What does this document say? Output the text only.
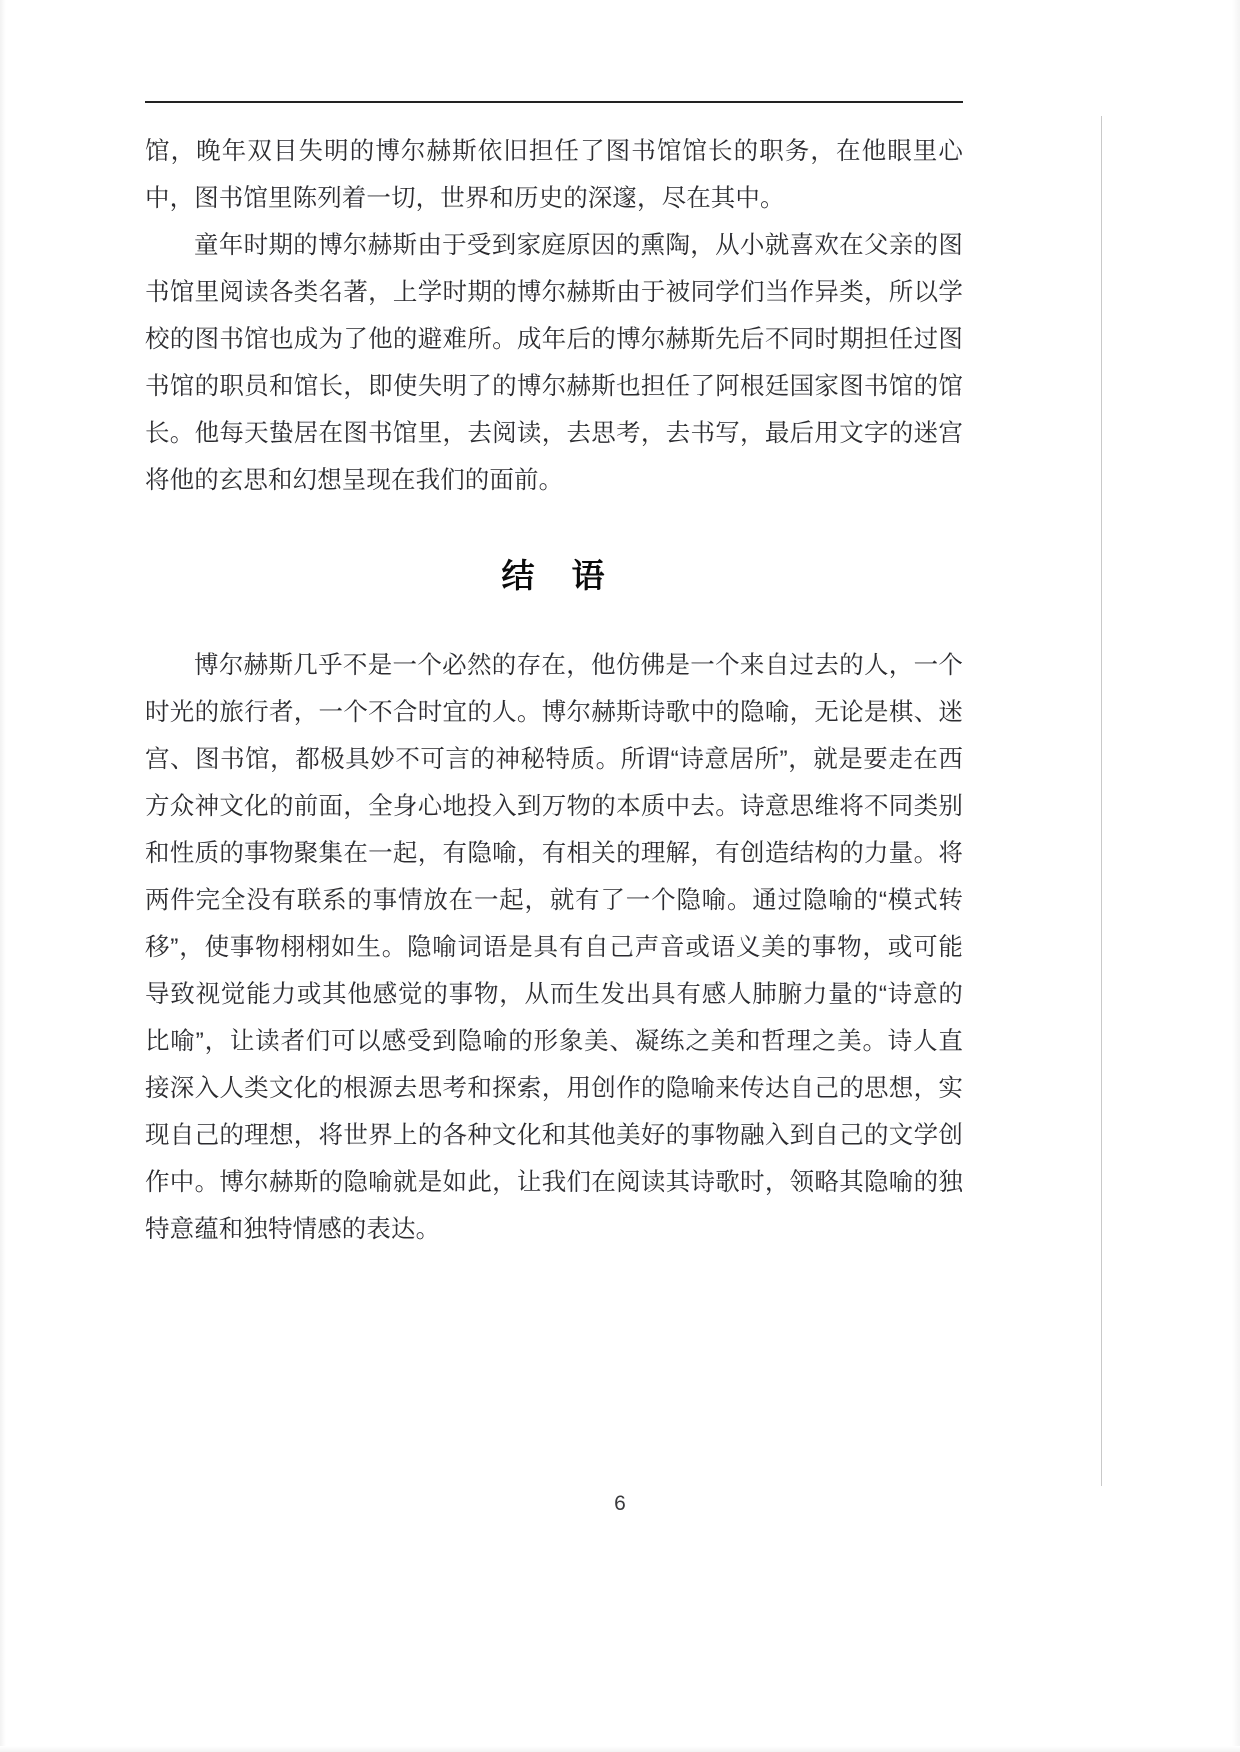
馆，晚年双目失明的博尔赫斯依旧担任了图书馆馆长的职务，在他眼里心中，图书馆里陈列着一切，世界和历史的深邃，尽在其中。

童年时期的博尔赫斯由于受到家庭原因的熏陶，从小就喜欢在父亲的图书馆里阅读各类名著，上学时期的博尔赫斯由于被同学们当作异类，所以学校的图书馆也成为了他的避难所。成年后的博尔赫斯先后不同时期担任过图书馆的职员和馆长，即使失明了的博尔赫斯也担任了阿根廷国家图书馆的馆长。他每天蛰居在图书馆里，去阅读，去思考，去书写，最后用文字的迷宫将他的玄思和幻想呈现在我们的面前。

结　语

博尔赫斯几乎不是一个必然的存在，他仿佛是一个来自过去的人，一个时光的旅行者，一个不合时宜的人。博尔赫斯诗歌中的隐喻，无论是棋、迷宫、图书馆，都极具妙不可言的神秘特质。所谓“诗意居所”，就是要走在西方众神文化的前面，全身心地投入到万物的本质中去。诗意思维将不同类别和性质的事物聚集在一起，有隐喻，有相关的理解，有创造结构的力量。将两件完全没有联系的事情放在一起，就有了一个隐喻。通过隐喻的“模式转移”，使事物栩栩如生。隐喻词语是具有自己声音或语义美的事物，或可能导致视觉能力或其他感觉的事物，从而生发出具有感人肺腑力量的“诗意的比喻”，让读者们可以感受到隐喻的形象美、凝练之美和哲理之美。诗人直接深入人类文化的根源去思考和探索，用创作的隐喻来传达自己的思想，实现自己的理想，将世界上的各种文化和其他美好的事物融入到自己的文学创作中。博尔赫斯的隐喻就是如此，让我们在阅读其诗歌时，领略其隐喻的独特意蕴和独特情感的表达。

6
